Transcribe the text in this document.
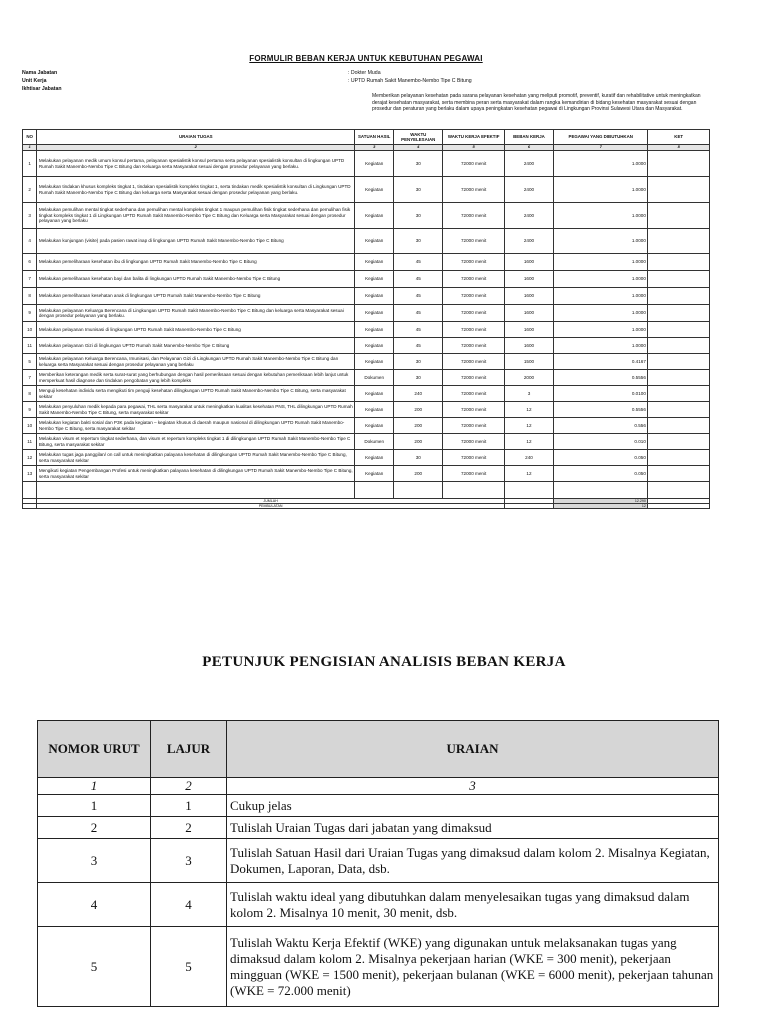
FORMULIR BEBAN KERJA UNTUK KEBUTUHAN PEGAWAI
Nama Jabatan	: Dokter Muda
Unit Kerja	: UPTD Rumah Sakit Manembo-Nembo Tipe C Bitung
Ikhtisar Jabatan
Memberikan pelayanan kesehatan pada sarana pelayanan kesehatan yang meliputi promotif, preventif, kuratif dan rehabilitative untuk meningkatkan derajat kesehatan masyarakat, serta membina peran serta masyarakat dalam rangka kemandirian di bidang kesehatan masyarakat sesuai dengan prosedur dan peraturan yang berlaku dalam upaya peningkatan kesehatan pegawai di Lingkungan Provinsi Sulawesi Utara dan Masyarakat.
NO	URAIAN TUGAS	SATUAN HASIL	WAKTU PENYELESAIAN	WAKTU KERJA EFEKTIF	BEBAN KERJA	PEGAWAI YANG DIBUTUHKAN	KET
1	2	3	4	5	6	7	8
1	Melakukan pelayanan medik umum konsul pertama, pelayanan spesialistik konsul pertama serta pelayanan spesialistik konsultan di lingkungan UPTD Rumah Sakit Manembo-Nembo Tipe C Bitung dan Keluarga serta Masyarakat sesuai dengan prosedur pelayanan yang berlaku.	Kegiatan	30	72000 menit	2400	1.0000	
2	Melakukan tindakan khusus kompleks tingkat 1, tindakan spesialistik kompleks tingkat 1, serta tindakan medik spesialistik konsultan di Lingkungan UPTD Rumah Sakit Manembo-Nembo Tipe C Bitung dan keluarga serta Masyarakat sesuai dengan prosedur pelayanan yang berlaku.	Kegiatan	30	72000 menit	2400	1.0000	
3	Melakukan pemulihan mental tingkat sederhana dan pemulihan mental kompleks tingkat 1 maupun pemulihan fisik tingkat sederhana dan pemulihan fisik tingkat kompleks tingkat 1 di Lingkungan UPTD Rumah Sakit Manembo-Nembo Tipe C Bitung dan Keluarga serta Masyarakat sesuai dengan prosedur pelayanan yang berlaku	Kegiatan	30	72000 menit	2400	1.0000	
4	Melakukan kunjungan (visite) pada pasien rawat inap di lingkungan UPTD Rumah Sakit Manembo-Nembo Tipe C Bitung	Kegiatan	30	72000 menit	2400	1.0000	
6	Melakukan pemeliharaan kesehatan ibu di lingkungan UPTD Rumah Sakit Manembo-Nembo Tipe C Bitung	Kegiatan	45	72000 menit	1600	1.0000	
7	Melakukan pemeliharaan kesehatan bayi dan balita di lingkungan UPTD Rumah Sakit Manembo-Nembo Tipe C Bitung	Kegiatan	45	72000 menit	1600	1.0000	
8	Melakukan pemeliharaan kesehatan anak di lingkungan UPTD Rumah Sakit Manembo-Nembo Tipe C Bitung	Kegiatan	45	72000 menit	1600	1.0000	
9	Melakukan pelayanan Keluarga Berencana di Lingkungan UPTD Rumah Sakit Manembo-Nembo Tipe C Bitung dan keluarga serta Masyarakat sesuai dengan prosedur pelayanan yang berlaku.	Kegiatan	45	72000 menit	1600	1.0000	
10	Melakukan pelayanan Imunisasi di lingkungan UPTD Rumah Sakit Manembo-Nembo Tipe C Bitung	Kegiatan	45	72000 menit	1600	1.0000	
11	Melakukan pelayanan Gizi di lingkungan UPTD Rumah Sakit Manembo-Nembo Tipe C Bitung	Kegiatan	45	72000 menit	1600	1.0000	
5	Melakukan pelayanan Keluarga Berencana, Imunisasi, dan Pelayanan Gizi di Lingkungan UPTD Rumah Sakit Manembo-Nembo Tipe C Bitung dan keluarga serta Masyarakat sesuai dengan prosedur pelayanan yang berlaku	Kegiatan	30	72000 menit	1500	0.4167	
7	Memberikan keterangan medik serta surat-surat yang berhubungan dengan hasil pemeriksaan sesuai dengan kebutuhan pemeriksaan lebih lanjut untuk memperkuat hasil diagnose dan tindakan pengobatan yang lebih kompleks	Dokumen	30	72000 menit	2000	0.5556	
8	Menguji kesehatan individu serta mengikuti tim penguji kesehatan dilingkungan UPTD Rumah Sakit Manembo-Nembo Tipe C Bitung, serta masyarakat sekitar	Kegiatan	240	72000 menit	3	0.0100	
9	Melakukan penyuluhan medik kepada para pegawai, THL serta masyarakat untuk meningkatkan kualitas kesehatan PNS, THL dilingkungan UPTD Rumah Sakit Manembo-Nembo Tipe C Bitung, serta masyarakat sekitar	Kegiatan	200	72000 menit	12	0.5556	
10	Melakukan kegiatan bakti sosial dan P3K pada kegiatan – kegiatan khusus di daerah maupun nasional di dilingkungan UPTD Rumah Sakit Manembo-Nembo Tipe C Bitung, serta masyarakat sekitar	Kegiatan	200	72000 menit	12	0.556	
11	Melakukan visum et repertum tingkat sederhana, dan visum et repertum kompleks tingkat 1 di dilingkungan UPTD Rumah Sakit Manembo-Nembo Tipe C Bitung, serta masyarakat sekitar	Dokumen	200	72000 menit	12	0.010	
12	Melakukan tugas jaga panggilan/ on call untuk meningkatkan palayana kesehatan di dilingkungan UPTD Rumah Sakit Manembo-Nembo Tipe C Bitung, serta masyarakat sekitar	Kegiatan	30	72000 menit	240	0.050	
13	Mengikuti kegiatan Pengembangan Profesi untuk meningkatkan palayana kesehatan di dilingkungan UPTD Rumah Sakit Manembo-Nembo Tipe C Bitung, serta masyarakat sekitar	Kegiatan	200	72000 menit	12	0.050	

	JUMLAH					12.290	
	PEMBULATAN					12	
PETUNJUK PENGISIAN ANALISIS BEBAN KERJA
NOMOR URUT	LAJUR	URAIAN
1	2	3
1	1	Cukup jelas
2	2	Tulislah Uraian Tugas dari jabatan yang dimaksud
3	3	Tulislah Satuan Hasil dari Uraian Tugas yang dimaksud dalam kolom 2. Misalnya Kegiatan, Dokumen, Laporan, Data, dsb.
4	4	Tulislah waktu ideal yang dibutuhkan dalam menyelesaikan tugas yang dimaksud dalam kolom 2. Misalnya 10 menit, 30 menit, dsb.
5	5	Tulislah Waktu Kerja Efektif (WKE) yang digunakan untuk melaksanakan tugas yang dimaksud dalam kolom 2. Misalnya pekerjaan harian (WKE = 300 menit), pekerjaan mingguan (WKE = 1500 menit), pekerjaan bulanan (WKE = 6000 menit), pekerjaan tahunan (WKE = 72.000 menit)
